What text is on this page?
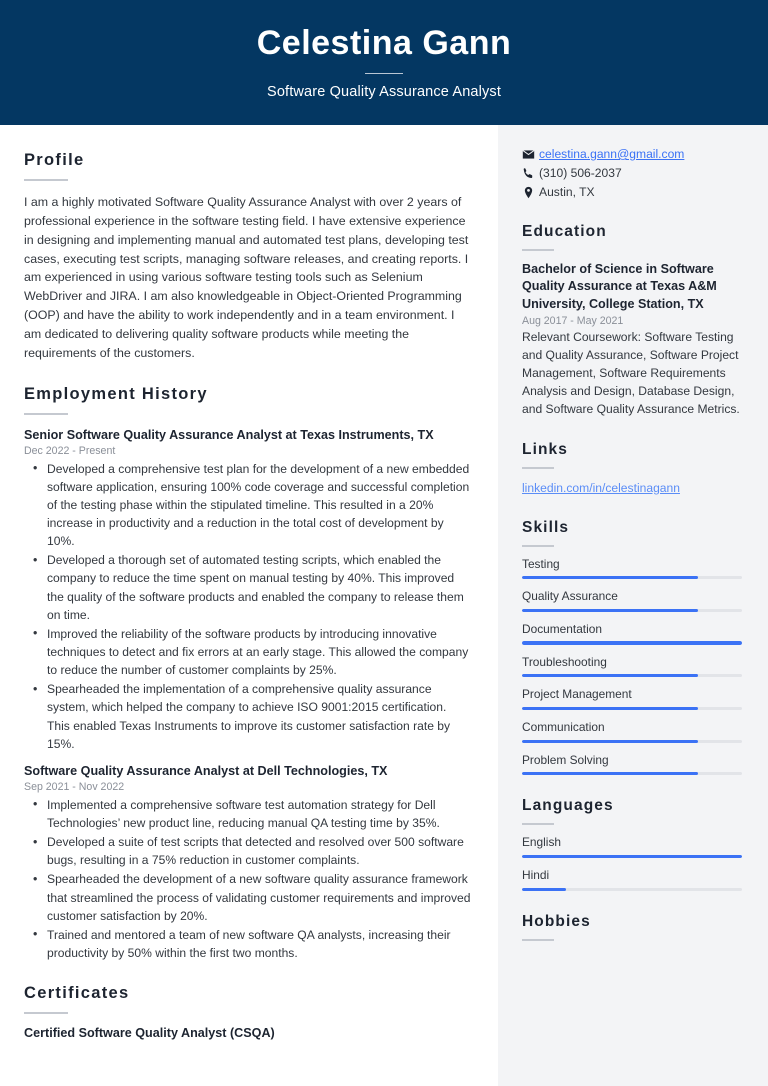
Celestina Gann
Software Quality Assurance Analyst
Profile
I am a highly motivated Software Quality Assurance Analyst with over 2 years of professional experience in the software testing field. I have extensive experience in designing and implementing manual and automated test plans, developing test cases, executing test scripts, managing software releases, and creating reports. I am experienced in using various software testing tools such as Selenium WebDriver and JIRA. I am also knowledgeable in Object-Oriented Programming (OOP) and have the ability to work independently and in a team environment. I am dedicated to delivering quality software products while meeting the requirements of the customers.
Employment History
Senior Software Quality Assurance Analyst at Texas Instruments, TX
Dec 2022 - Present
• Developed a comprehensive test plan for the development of a new embedded software application, ensuring 100% code coverage and successful completion of the testing phase within the stipulated timeline. This resulted in a 20% increase in productivity and a reduction in the total cost of development by 10%.
• Developed a thorough set of automated testing scripts, which enabled the company to reduce the time spent on manual testing by 40%. This improved the quality of the software products and enabled the company to release them on time.
• Improved the reliability of the software products by introducing innovative techniques to detect and fix errors at an early stage. This allowed the company to reduce the number of customer complaints by 25%.
• Spearheaded the implementation of a comprehensive quality assurance system, which helped the company to achieve ISO 9001:2015 certification. This enabled Texas Instruments to improve its customer satisfaction rate by 15%.
Software Quality Assurance Analyst at Dell Technologies, TX
Sep 2021 - Nov 2022
• Implemented a comprehensive software test automation strategy for Dell Technologies’ new product line, reducing manual QA testing time by 35%.
• Developed a suite of test scripts that detected and resolved over 500 software bugs, resulting in a 75% reduction in customer complaints.
• Spearheaded the development of a new software quality assurance framework that streamlined the process of validating customer requirements and improved customer satisfaction by 20%.
• Trained and mentored a team of new software QA analysts, increasing their productivity by 50% within the first two months.
Certificates
Certified Software Quality Analyst (CSQA)
celestina.gann@gmail.com
(310) 506-2037
Austin, TX
Education
Bachelor of Science in Software Quality Assurance at Texas A&M University, College Station, TX
Aug 2017 - May 2021
Relevant Coursework: Software Testing and Quality Assurance, Software Project Management, Software Requirements Analysis and Design, Database Design, and Software Quality Assurance Metrics.
Links
linkedin.com/in/celestinagann
Skills
Testing
Quality Assurance
Documentation
Troubleshooting
Project Management
Communication
Problem Solving
Languages
English
Hindi
Hobbies
